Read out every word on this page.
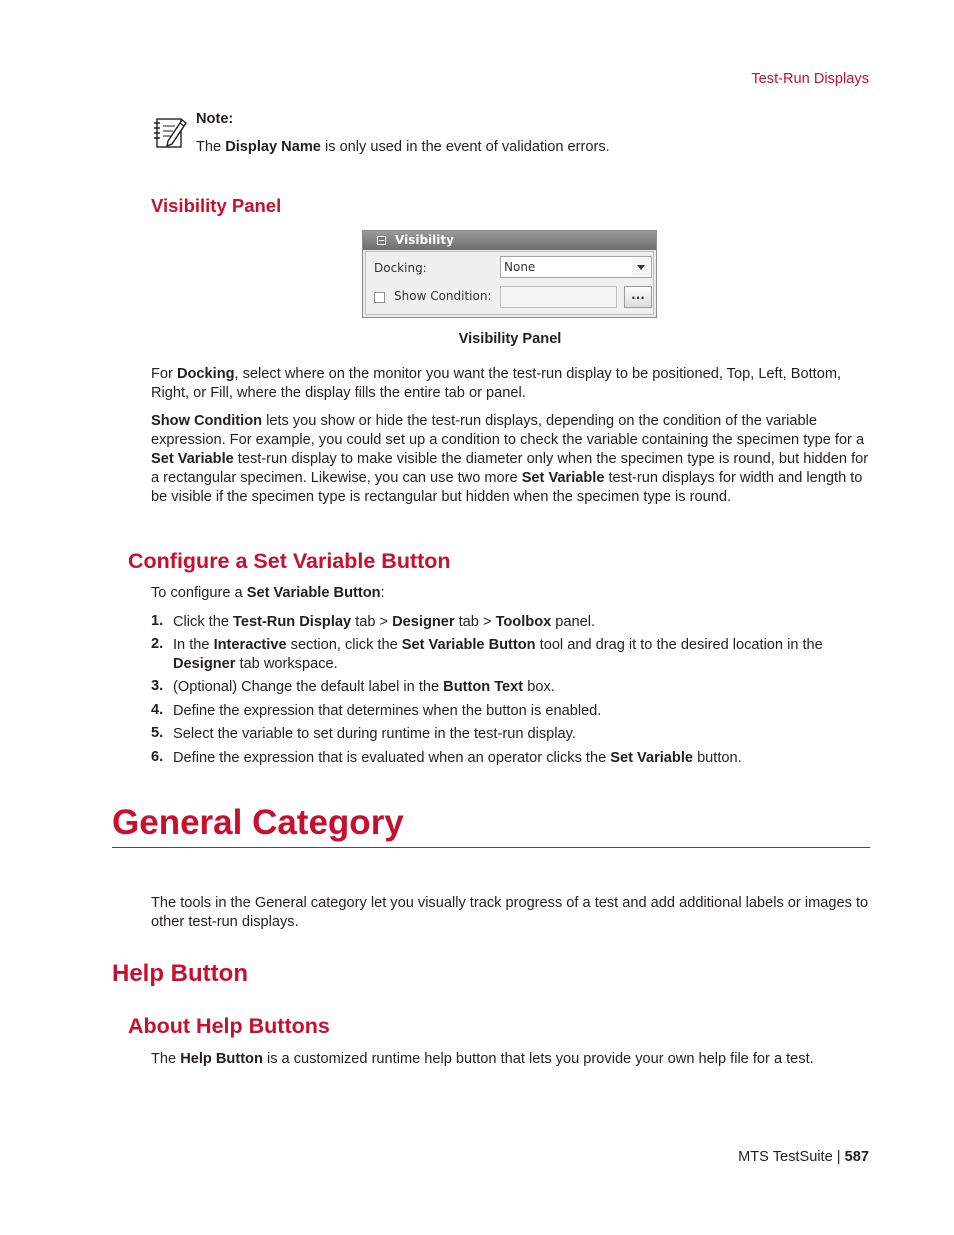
Test-Run Displays
Note:
The Display Name is only used in the event of validation errors.
Visibility Panel
Visibility
Docking:	None
Show Condition:	...
Visibility Panel
For Docking, select where on the monitor you want the test-run display to be positioned, Top, Left, Bottom, Right, or Fill, where the display fills the entire tab or panel.
Show Condition lets you show or hide the test-run displays, depending on the condition of the variable expression. For example, you could set up a condition to check the variable containing the specimen type for a Set Variable test-run display to make visible the diameter only when the specimen type is round, but hidden for a rectangular specimen. Likewise, you can use two more Set Variable test-run displays for width and length to be visible if the specimen type is rectangular but hidden when the specimen type is round.
Configure a Set Variable Button
To configure a Set Variable Button:
1. Click the Test-Run Display tab > Designer tab > Toolbox panel.
2. In the Interactive section, click the Set Variable Button tool and drag it to the desired location in the Designer tab workspace.
3. (Optional) Change the default label in the Button Text box.
4. Define the expression that determines when the button is enabled.
5. Select the variable to set during runtime in the test-run display.
6. Define the expression that is evaluated when an operator clicks the Set Variable button.
General Category
The tools in the General category let you visually track progress of a test and add additional labels or images to other test-run displays.
Help Button
About Help Buttons
The Help Button is a customized runtime help button that lets you provide your own help file for a test.
MTS TestSuite | 587
